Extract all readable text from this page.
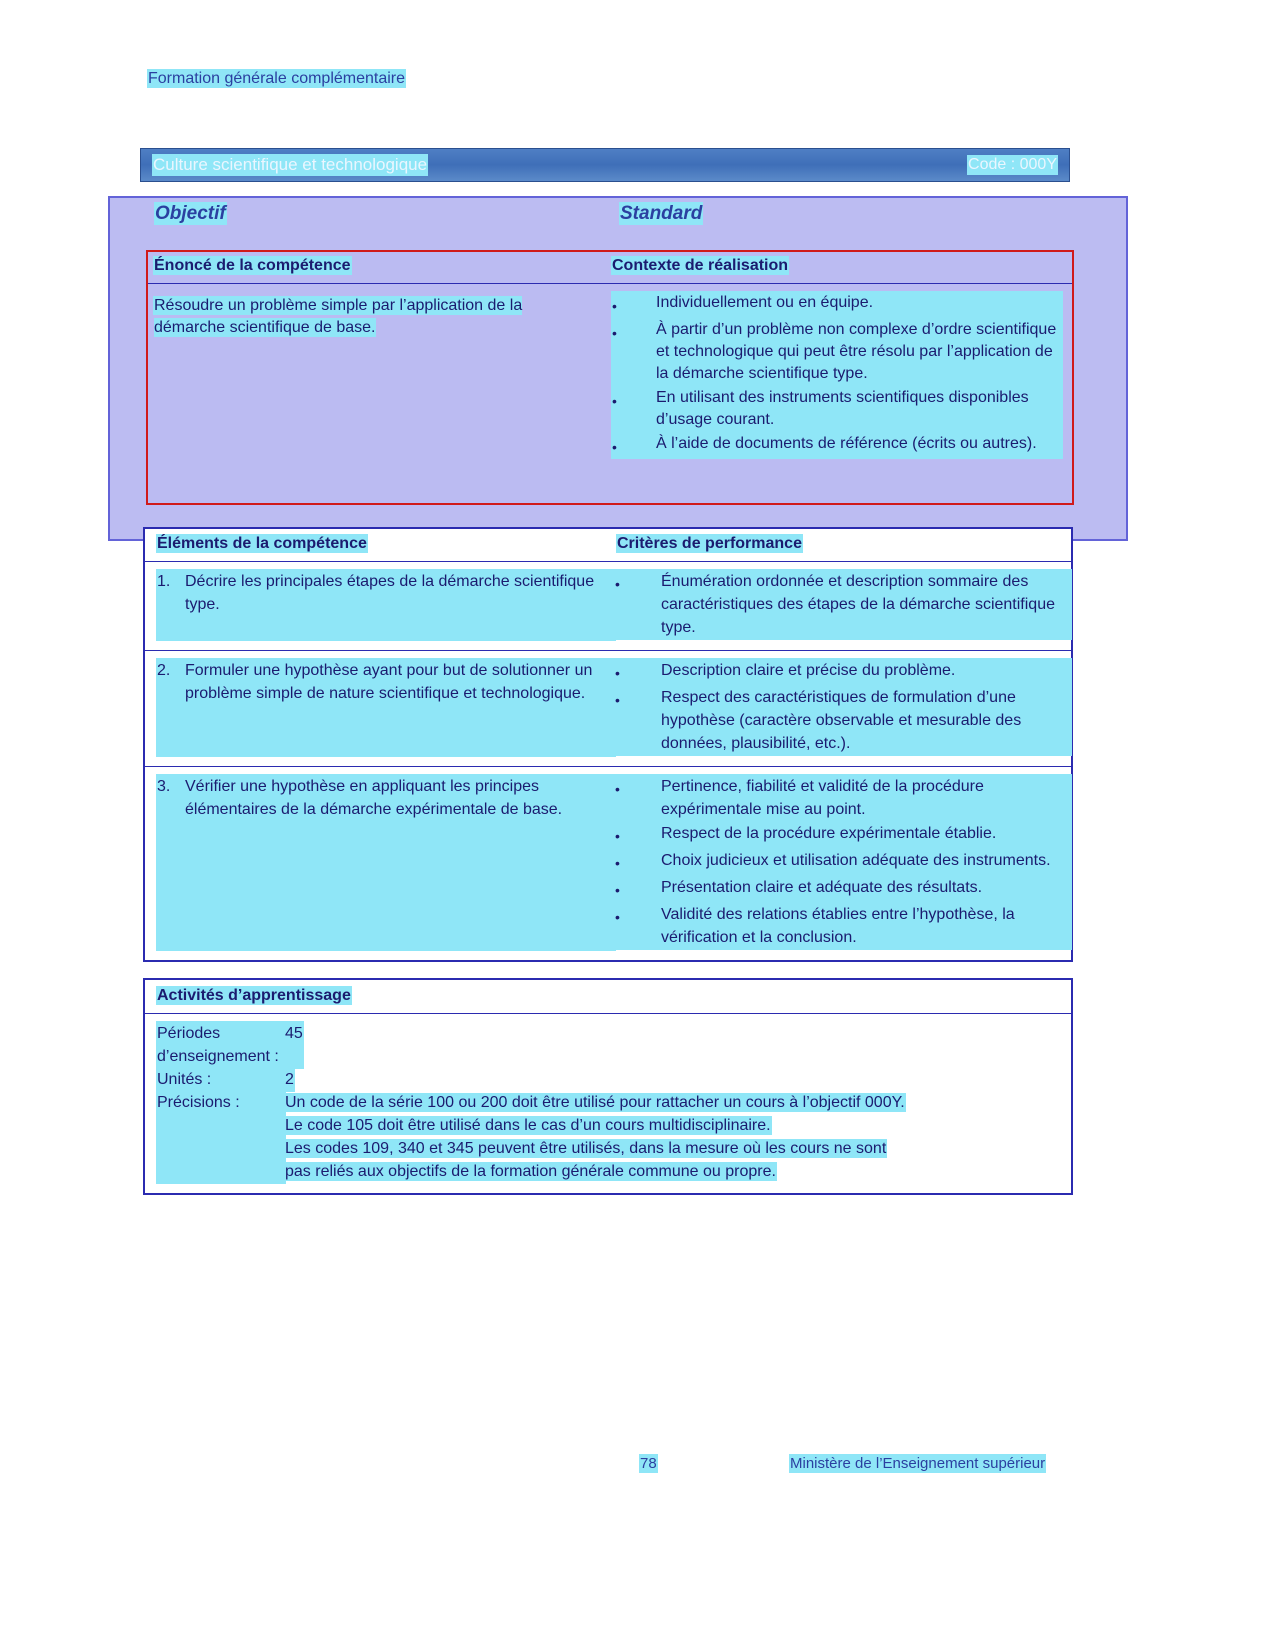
Formation générale complémentaire
Culture scientifique et technologique	Code : 000Y
Objectif	Standard
Énoncé de la compétence	Contexte de réalisation
Résoudre un problème simple par l’application de la démarche scientifique de base.
•	Individuellement ou en équipe.
•	À partir d’un problème non complexe d’ordre scientifique et technologique qui peut être résolu par l’application de la démarche scientifique type.
•	En utilisant des instruments scientifiques disponibles d’usage courant.
•	À l’aide de documents de référence (écrits ou autres).
Éléments de la compétence	Critères de performance
1. Décrire les principales étapes de la démarche scientifique type.
•	Énumération ordonnée et description sommaire des caractéristiques des étapes de la démarche scientifique type.
2. Formuler une hypothèse ayant pour but de solutionner un problème simple de nature scientifique et technologique.
•	Description claire et précise du problème.
•	Respect des caractéristiques de formulation d’une hypothèse (caractère observable et mesurable des données, plausibilité, etc.).
3. Vérifier une hypothèse en appliquant les principes élémentaires de la démarche expérimentale de base.
•	Pertinence, fiabilité et validité de la procédure expérimentale mise au point.
•	Respect de la procédure expérimentale établie.
•	Choix judicieux et utilisation adéquate des instruments.
•	Présentation claire et adéquate des résultats.
•	Validité des relations établies entre l’hypothèse, la vérification et la conclusion.
Activités d’apprentissage
Périodes d’enseignement :
45
Unités :	2
Précisions :	Un code de la série 100 ou 200 doit être utilisé pour rattacher un cours à l’objectif 000Y.
Le code 105 doit être utilisé dans le cas d’un cours multidisciplinaire.
Les codes 109, 340 et 345 peuvent être utilisés, dans la mesure où les cours ne sont
pas reliés aux objectifs de la formation générale commune ou propre.
78	Ministère de l’Enseignement supérieur
